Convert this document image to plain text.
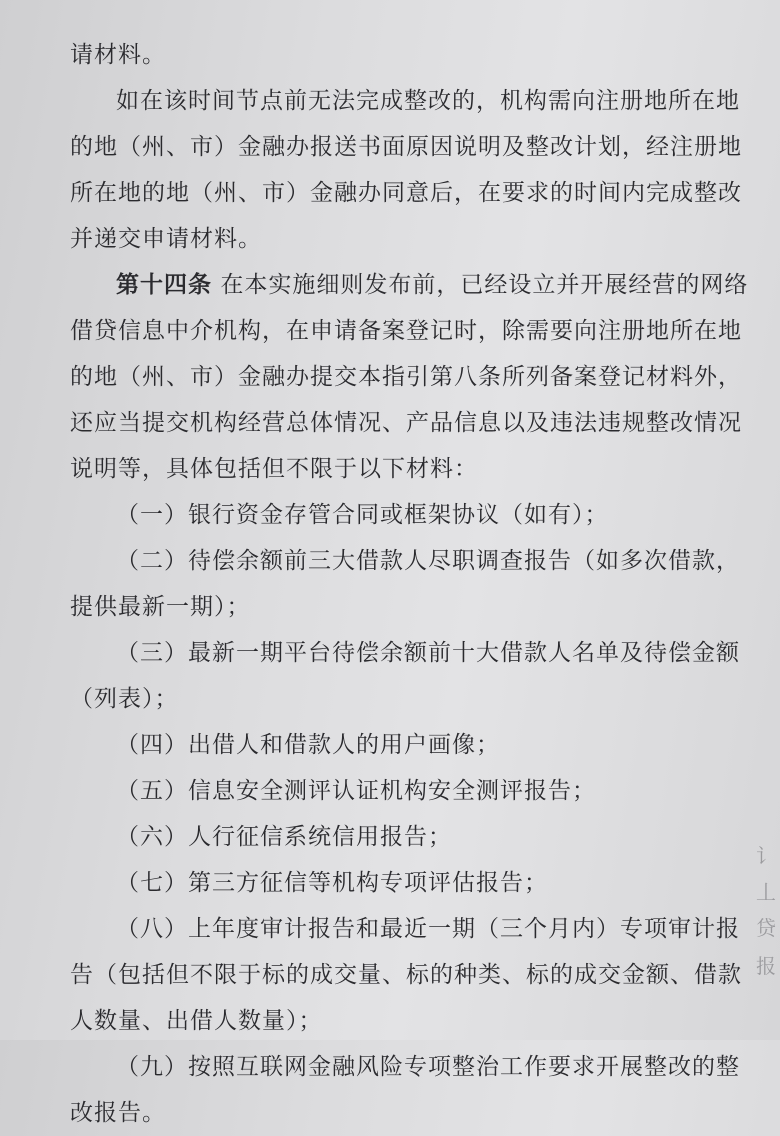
请材料。

如在该时间节点前无法完成整改的，机构需向注册地所在地的地（州、市）金融办报送书面原因说明及整改计划，经注册地所在地的地（州、市）金融办同意后，在要求的时间内完成整改并递交申请材料。

第十四条 在本实施细则发布前，已经设立并开展经营的网络借贷信息中介机构，在申请备案登记时，除需要向注册地所在地的地（州、市）金融办提交本指引第八条所列备案登记材料外，还应当提交机构经营总体情况、产品信息以及违法违规整改情况说明等，具体包括但不限于以下材料：

（一）银行资金存管合同或框架协议（如有）；

（二）待偿余额前三大借款人尽职调查报告（如多次借款，提供最新一期）；

（三）最新一期平台待偿余额前十大借款人名单及待偿金额（列表）；

（四）出借人和借款人的用户画像；

（五）信息安全测评认证机构安全测评报告；

（六）人行征信系统信用报告；

（七）第三方征信等机构专项评估报告；

（八）上年度审计报告和最近一期（三个月内）专项审计报告（包括但不限于标的成交量、标的种类、标的成交金额、借款人数量、出借人数量）；

（九）按照互联网金融风险专项整治工作要求开展整改的整改报告。

讠
丄
贷
报
